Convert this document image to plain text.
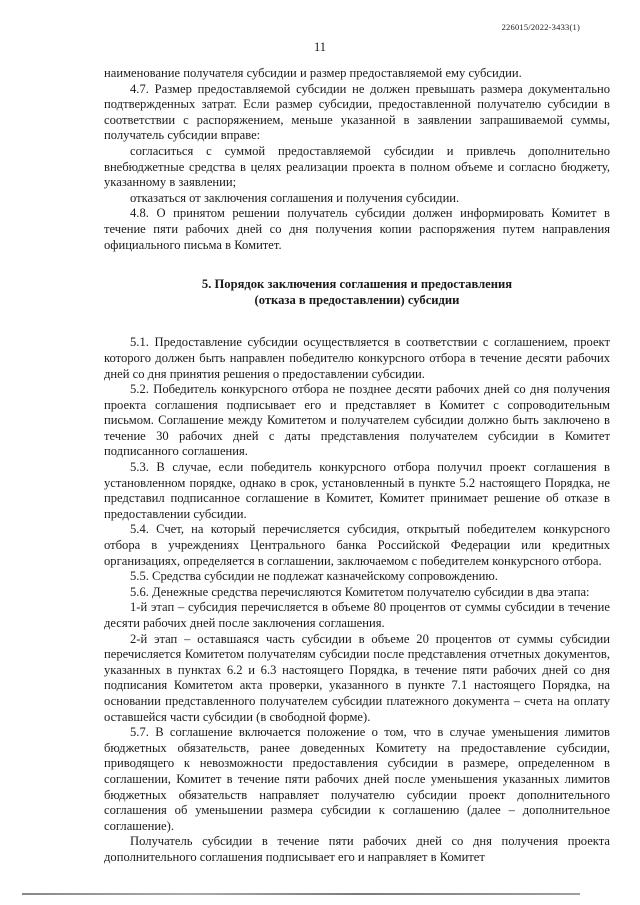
226015/2022-3433(1)
11

наименование получателя субсидии и размер предоставляемой ему субсидии.

4.7. Размер предоставляемой субсидии не должен превышать размера документально подтвержденных затрат. Если размер субсидии, предоставленной получателю субсидии в соответствии с распоряжением, меньше указанной в заявлении запрашиваемой суммы, получатель субсидии вправе:

согласиться с суммой предоставляемой субсидии и привлечь дополнительно внебюджетные средства в целях реализации проекта в полном объеме и согласно бюджету, указанному в заявлении;

отказаться от заключения соглашения и получения субсидии.

4.8. О принятом решении получатель субсидии должен информировать Комитет в течение пяти рабочих дней со дня получения копии распоряжения путем направления официального письма в Комитет.

5. Порядок заключения соглашения и предоставления
(отказа в предоставлении) субсидии

5.1. Предоставление субсидии осуществляется в соответствии с соглашением, проект которого должен быть направлен победителю конкурсного отбора в течение десяти рабочих дней со дня принятия решения о предоставлении субсидии.

5.2. Победитель конкурсного отбора не позднее десяти рабочих дней со дня получения проекта соглашения подписывает его и представляет в Комитет с сопроводительным письмом. Соглашение между Комитетом и получателем субсидии должно быть заключено в течение 30 рабочих дней с даты представления получателем субсидии в Комитет подписанного соглашения.

5.3. В случае, если победитель конкурсного отбора получил проект соглашения в установленном порядке, однако в срок, установленный в пункте 5.2 настоящего Порядка, не представил подписанное соглашение в Комитет, Комитет принимает решение об отказе в предоставлении субсидии.

5.4. Счет, на который перечисляется субсидия, открытый победителем конкурсного отбора в учреждениях Центрального банка Российской Федерации или кредитных организациях, определяется в соглашении, заключаемом с победителем конкурсного отбора.

5.5. Средства субсидии не подлежат казначейскому сопровождению.

5.6. Денежные средства перечисляются Комитетом получателю субсидии в два этапа:

1-й этап – субсидия перечисляется в объеме 80 процентов от суммы субсидии в течение десяти рабочих дней после заключения соглашения.

2-й этап – оставшаяся часть субсидии в объеме 20 процентов от суммы субсидии перечисляется Комитетом получателям субсидии после представления отчетных документов, указанных в пунктах 6.2 и 6.3 настоящего Порядка, в течение пяти рабочих дней со дня подписания Комитетом акта проверки, указанного в пункте 7.1 настоящего Порядка, на основании представленного получателем субсидии платежного документа – счета на оплату оставшейся части субсидии (в свободной форме).

5.7. В соглашение включается положение о том, что в случае уменьшения лимитов бюджетных обязательств, ранее доведенных Комитету на предоставление субсидии, приводящего к невозможности предоставления субсидии в размере, определенном в соглашении, Комитет в течение пяти рабочих дней после уменьшения указанных лимитов бюджетных обязательств направляет получателю субсидии проект дополнительного соглашения об уменьшении размера субсидии к соглашению (далее – дополнительное соглашение).

Получатель субсидии в течение пяти рабочих дней со дня получения проекта дополнительного соглашения подписывает его и направляет в Комитет
